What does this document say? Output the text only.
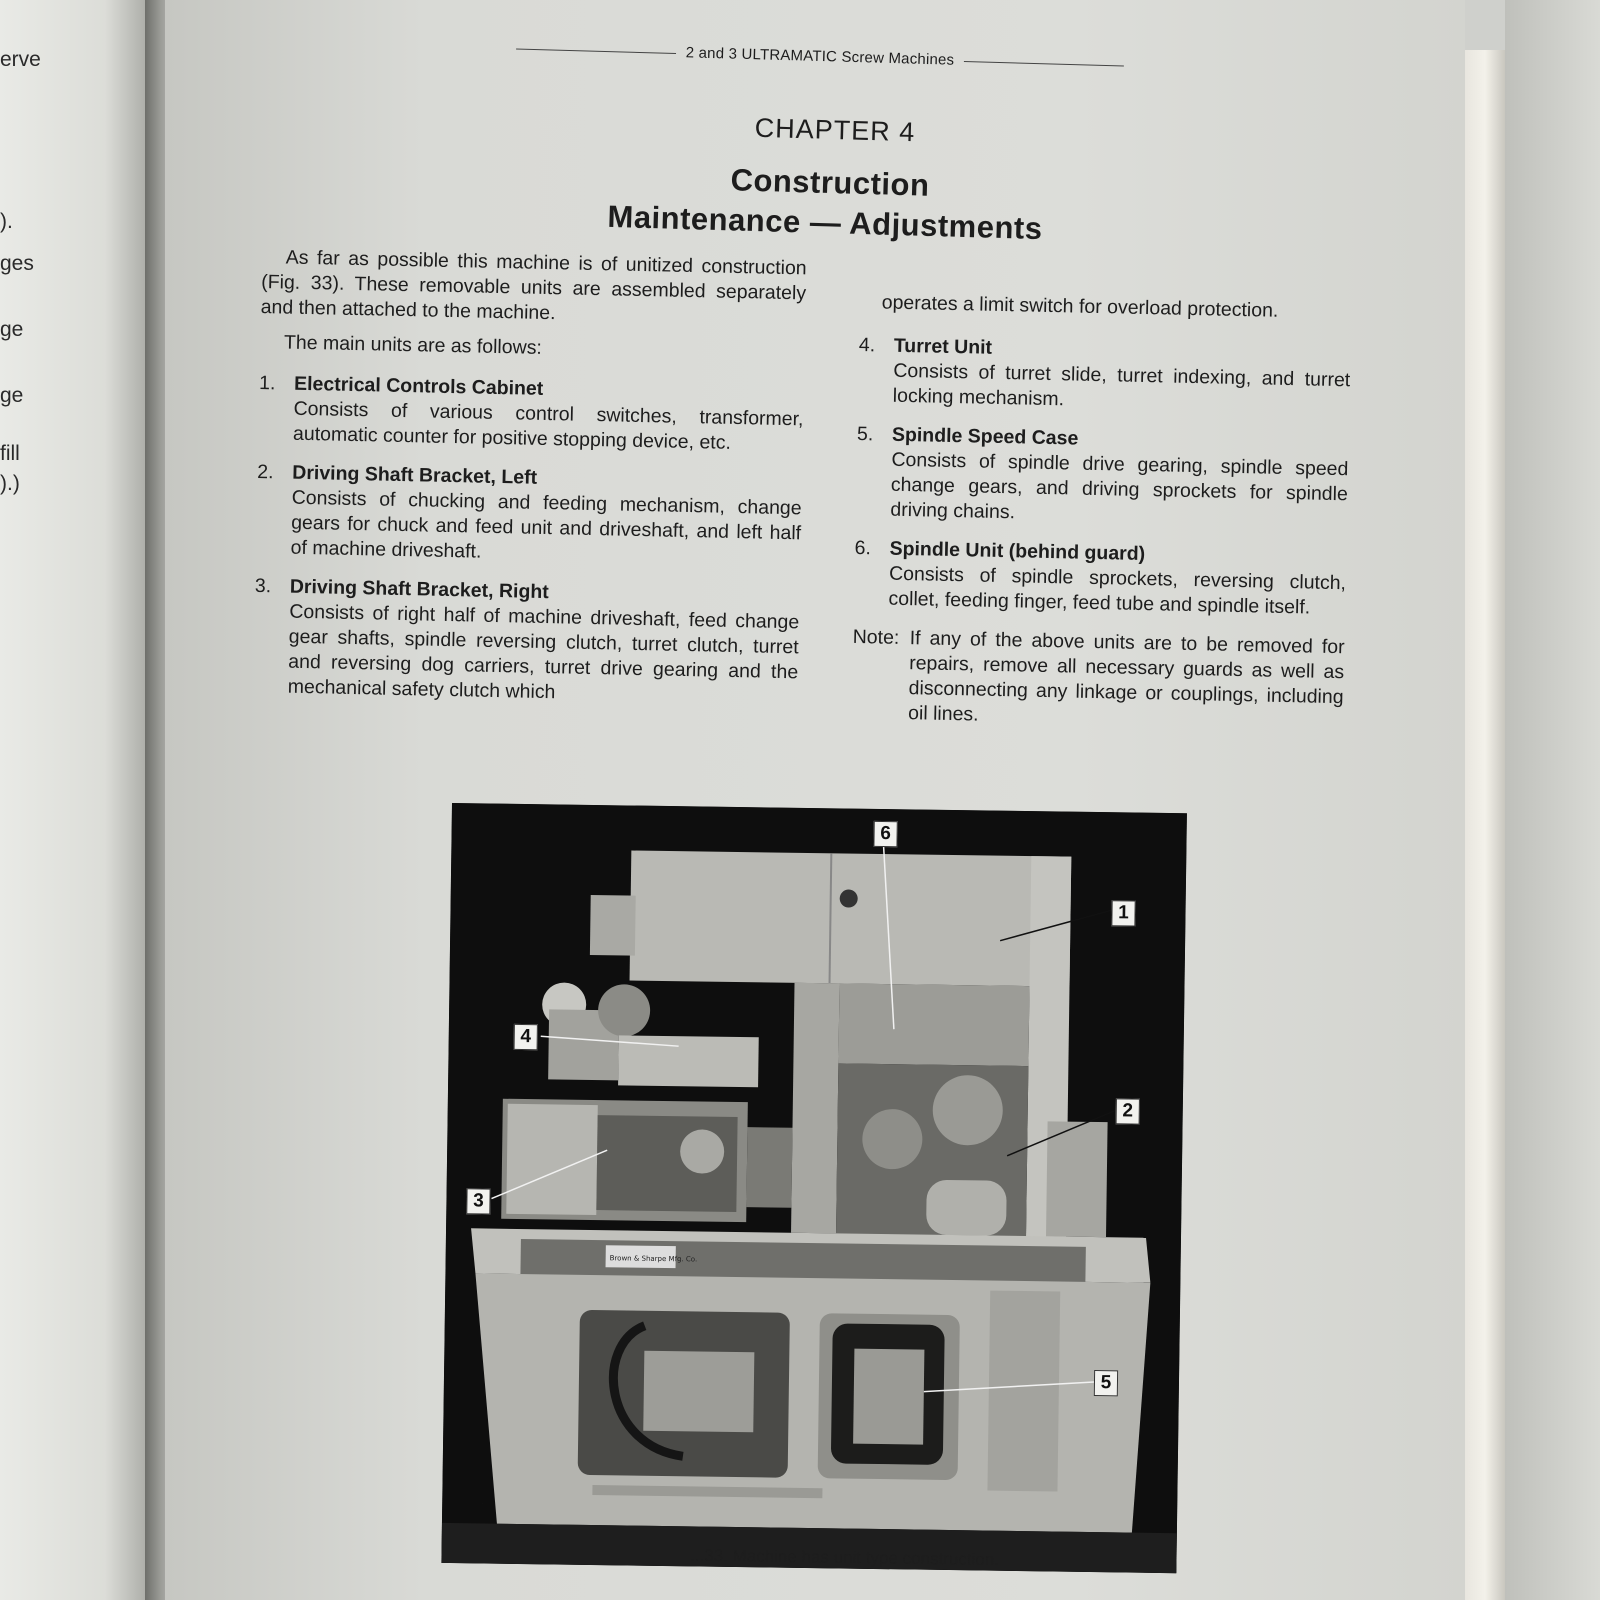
erve
).
ges
ge
ge
fill
).)
2 and 3 ULTRAMATIC Screw Machines
CHAPTER 4
Construction
Maintenance — Adjustments

As far as possible this machine is of unitized construction (Fig. 33). These removable units are assembled separately and then attached to the machine.

The main units are as follows:

1. Electrical Controls Cabinet
Consists of various control switches, transformer, automatic counter for positive stopping device, etc.
2. Driving Shaft Bracket, Left
Consists of chucking and feeding mechanism, change gears for chuck and feed unit and driveshaft, and left half of machine driveshaft.
3. Driving Shaft Bracket, Right
Consists of right half of machine driveshaft, feed change gear shafts, spindle reversing clutch, turret clutch, turret and reversing dog carriers, turret drive gearing and the mechanical safety clutch which

operates a limit switch for overload protection.

4. Turret Unit
Consists of turret slide, turret indexing, and turret locking mechanism.
5. Spindle Speed Case
Consists of spindle drive gearing, spindle speed change gears, and driving sprockets for spindle driving chains.
6. Spindle Unit (behind guard)
Consists of spindle sprockets, reversing clutch, collet, feeding finger, feed tube and spindle itself.
Note: If any of the above units are to be removed for repairs, remove all necessary guards as well as disconnecting any linkage or couplings, including oil lines.
Brown & Sharpe Mfg. Co.
1
2
3
4
5
6
...33. Machine has unit type construction.
